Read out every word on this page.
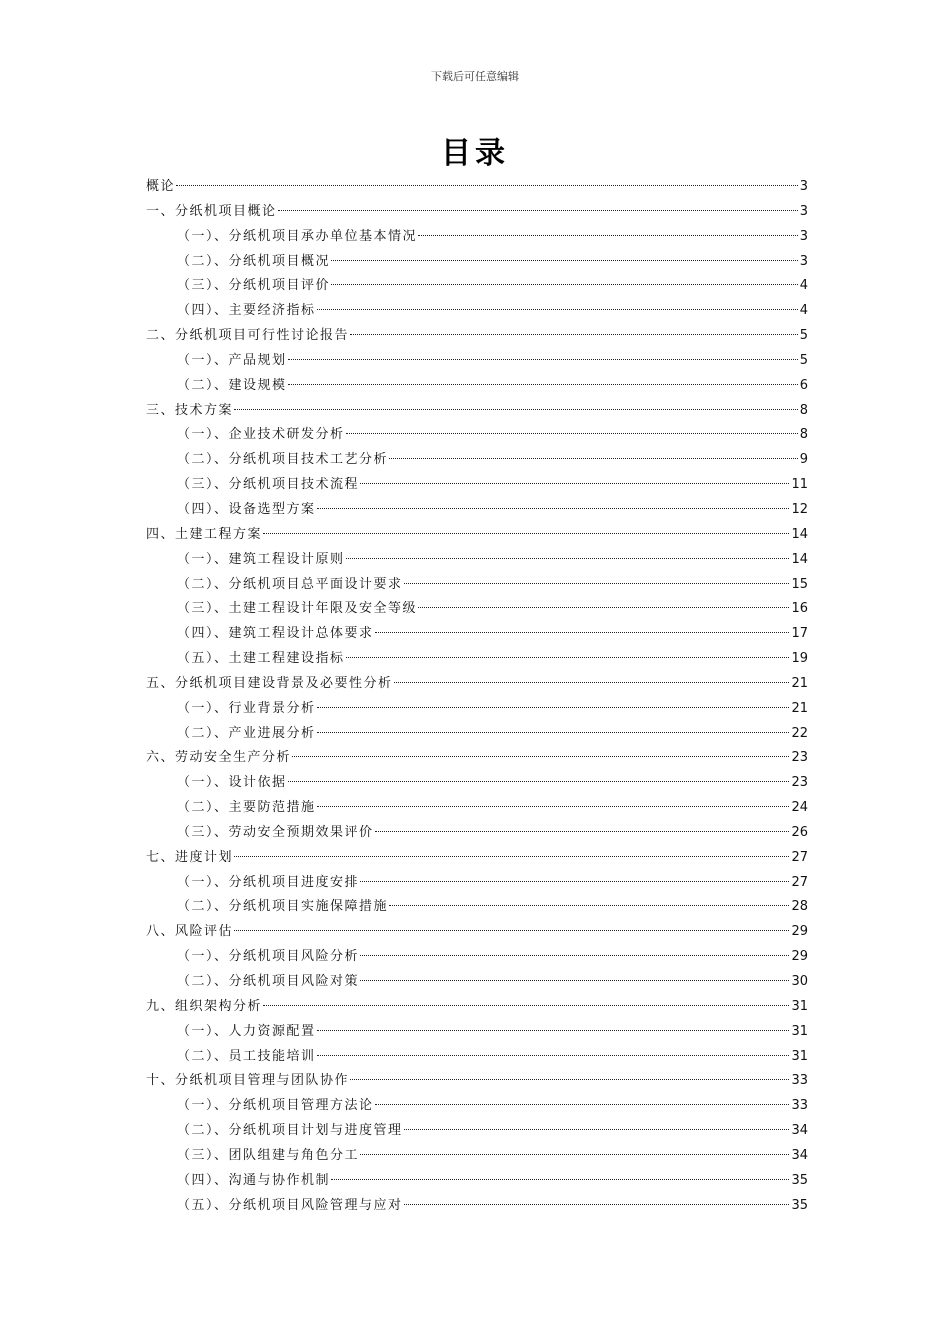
下载后可任意编辑
目录
概论	3
一、分纸机项目概论	3
（一）、分纸机项目承办单位基本情况	3
（二）、分纸机项目概况	3
（三）、分纸机项目评价	4
（四）、主要经济指标	4
二、分纸机项目可行性讨论报告	5
（一）、产品规划	5
（二）、建设规模	6
三、技术方案	8
（一）、企业技术研发分析	8
（二）、分纸机项目技术工艺分析	9
（三）、分纸机项目技术流程	11
（四）、设备选型方案	12
四、土建工程方案	14
（一）、建筑工程设计原则	14
（二）、分纸机项目总平面设计要求	15
（三）、土建工程设计年限及安全等级	16
（四）、建筑工程设计总体要求	17
（五）、土建工程建设指标	19
五、分纸机项目建设背景及必要性分析	21
（一）、行业背景分析	21
（二）、产业进展分析	22
六、劳动安全生产分析	23
（一）、设计依据	23
（二）、主要防范措施	24
（三）、劳动安全预期效果评价	26
七、进度计划	27
（一）、分纸机项目进度安排	27
（二）、分纸机项目实施保障措施	28
八、风险评估	29
（一）、分纸机项目风险分析	29
（二）、分纸机项目风险对策	30
九、组织架构分析	31
（一）、人力资源配置	31
（二）、员工技能培训	31
十、分纸机项目管理与团队协作	33
（一）、分纸机项目管理方法论	33
（二）、分纸机项目计划与进度管理	34
（三）、团队组建与角色分工	34
（四）、沟通与协作机制	35
（五）、分纸机项目风险管理与应对	35
